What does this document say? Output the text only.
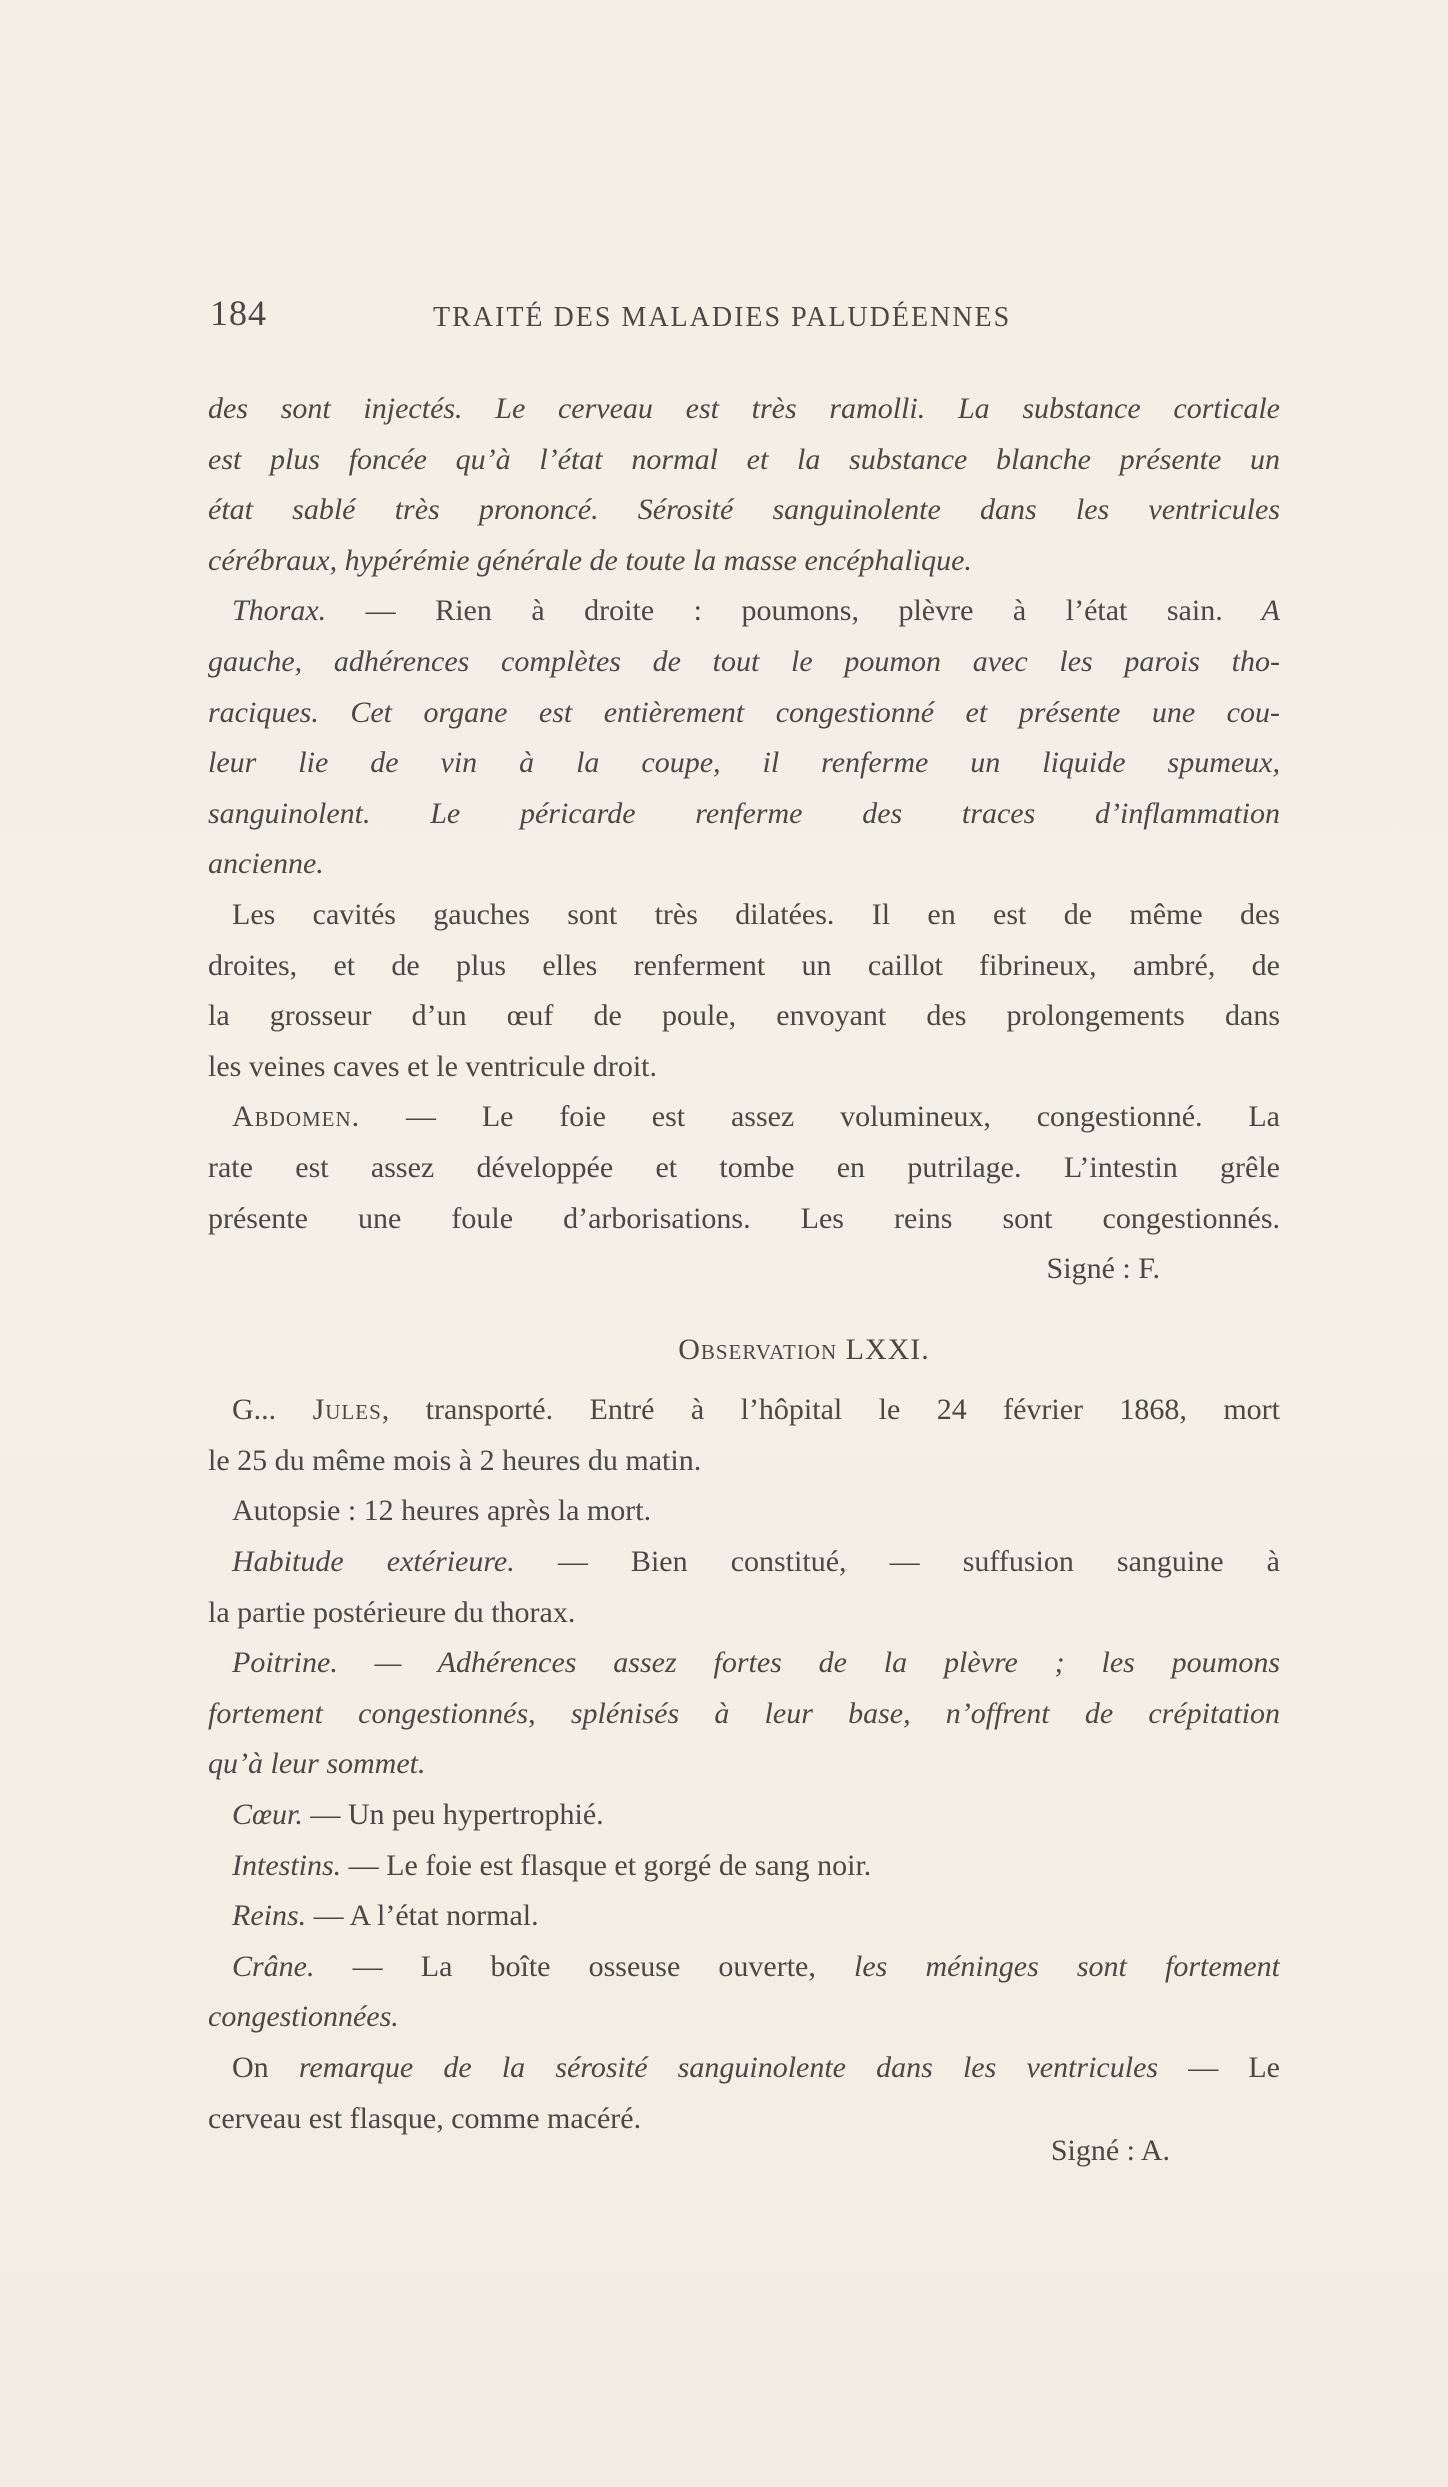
184	TRAITÉ DES MALADIES PALUDÉENNES
des sont injectés. Le cerveau est très ramolli. La substance corticale
est plus foncée qu’à l’état normal et la substance blanche présente un
état sablé très prononcé. Sérosité sanguinolente dans les ventricules
cérébraux, hypérémie générale de toute la masse encéphalique.
Thorax. — Rien à droite : poumons, plèvre à l’état sain. A
gauche, adhérences complètes de tout le poumon avec les parois tho-
raciques. Cet organe est entièrement congestionné et présente une cou-
leur lie de vin à la coupe, il renferme un liquide spumeux,
sanguinolent. Le péricarde renferme des traces d’inflammation
ancienne.
Les cavités gauches sont très dilatées. Il en est de même des
droites, et de plus elles renferment un caillot fibrineux, ambré, de
la grosseur d’un œuf de poule, envoyant des prolongements dans
les veines caves et le ventricule droit.
Abdomen. — Le foie est assez volumineux, congestionné. La
rate est assez développée et tombe en putrilage. L’intestin grêle
présente une foule d’arborisations. Les reins sont congestionnés.
Signé : F.
Observation LXXI.
G... Jules, transporté. Entré à l’hôpital le 24 février 1868, mort
le 25 du même mois à 2 heures du matin.
Autopsie : 12 heures après la mort.
Habitude extérieure. — Bien constitué, — suffusion sanguine à
la partie postérieure du thorax.
Poitrine. — Adhérences assez fortes de la plèvre ; les poumons
fortement congestionnés, splénisés à leur base, n’offrent de crépitation
qu’à leur sommet.
Cœur. — Un peu hypertrophié.
Intestins. — Le foie est flasque et gorgé de sang noir.
Reins. — A l’état normal.
Crâne. — La boîte osseuse ouverte, les méninges sont fortement
congestionnées.
On remarque de la sérosité sanguinolente dans les ventricules — Le
cerveau est flasque, comme macéré.
Signé : A.
